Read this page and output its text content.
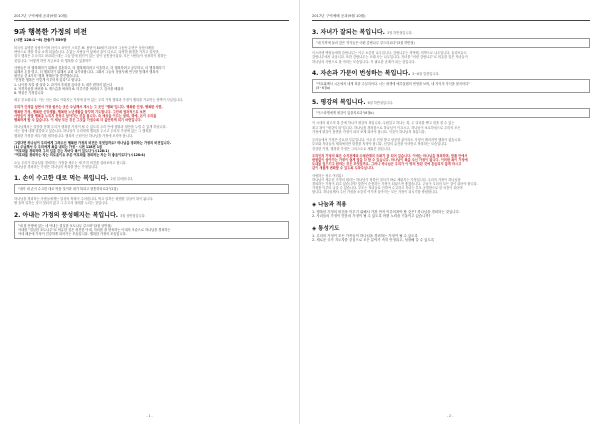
2017년 구역예배 공과(9월 10월)
9과 행복한 가정의 비전
(시편 128:1~6) 찬송가 559장

미국의 유명한 상담가이며 마이크 코인인 스티븐 M. 폴란이 80세가 되어서 그동안 수만은 상담사례를

바탕으로 책을 하나 소개 되었습니다. 수없는 사람들이 삶에서 출이 다르고, 다양한 환경을 가지고 살지만,

결국 행복은 무너지고 파괴되는데는 그들 앞에 원인이 있는 것이 공통점이었다. 모든 사람들이 성장하기 원하는

것입니다. "어떻게 하면 지금보다 더 행복할 수 있을까?"

사람들은 더 행복해지기 위해서 결혼하고, 더 행복해지려고 이혼하고, 더 행복하려고 공부하고, 더 행복해지기

위해서 돈을 벌고, 더 행복하기 위해서 교회 나가라합니다. 그래서 그들의 상담사례 연구를 통해서 행복의

원인들 중 4가지 '행복 방해꾼'을 발견했습니다.

"진정한 행복은 이렇게 이루어져 있다"고 합니다.

1. 나이를 지킬 줄 알라 2. 과거의 후회를 끊어라 3. 내가 변하지 않는다

4. 자격지심을 버려라 5. 게으름을 버려라 6. 미루기를 버려라 7. 감사를 배워라

8. 핵심은 가정입니다

매우 중요합니다. 이는 사는 대로 이뤄지는 가정에 남아 있는 우리 가정 행복과 가정이 행복을 가로막는 장벽이 사실입니다.

우리가 인생을 살면서 가장 힘쓰는 곳은 주님께서 계시는 그 곳인 "행복"입니다. 행복한 인생, 행복한 사람,

행복한 가정, 행복한 신앙생활, 행복한 노년생활을 꿈꾸며 기도합니다. 그런데 결과적으로 보면

사람들이 정말 행복을 누리지 못하고 살아가는 것을 봅니다. 즉 세상을 이끄는 권력, 명예, 돈이 우리를

행복하게 할 수 없습니다. 이 세상 모든 것은 그것을 가질수록 더 불안하게 되기 마련입니다.

하나님께서는 말씀을 통해 우리가 행복한 가정이 될 수 있도록 우리 안에 행복과 평안을 누릴 수 있게 하십니다.

사는 것에 대해 말씀하고 있습니다. 하나님이 우리에게 행복을 주시고 우리의 가정에 있는 그 행복을

행복한 가정을 세우기를 원하십니다. 행복의 근원이신 하나님을 가정에 모셔야 합니다.

그렇다면 하나님이 우리에게 그려주신 행복한 가정의 비전은 무엇일까요? 하나님을 경외하는 가정의 비전입니다.

(1) 주님께서 주 우리에게 복을 내리는 가정 - 시편 128편 1절

"여호와를 경외하며 그의 길을 걷는 자마다 복이 있도다"(시128:1)

"여호와를 경외하는 자는 의로움이요 무릇 여호와를 경외하는 자는 더 좋음이로다"(시128:4)

오늘 우리가 하나님을 경외하는 가정을 세우는 세 가지 비전을 살펴보려고 합니다.

하나님을 경외하는 가정은 하나님의 축복을 받는 가정입니다.

1. 손이 수고한 대로 먹는 복입니다. 2절 읽어봅니다.

"네가 네 손이 수고한 대로 먹을 것이라 네가 복되고 형통하리로다"(2절)

하나님을 경외하는 사람들에게는 일상의 축복이 주어집니다. 먹고 일하는 평범한 일상이 복이 됩니다.

땀 흘려 일하는 것이 헛되지 않고 그 수고의 열매를 누리는 것입니다.

2. 아내는 가정의 풍성해지는 복입니다. 3절 상반절입니다.

"네 집 안방에 있는 네 아내는 결실한 포도나무 같으며"(3절 상반절)

아내를 "결실한 포도나무"로 비유한 것은 정진한 아내, 자녀를 잘 양육하는 아내의 모습으로 하나님을 경외하는

아내 때문에 가정이 건강하게 되어가는 모습입니다. 행복한 가정의 모습입니다.

- 1 -
2017년 구역예배 공과(9월 10월)
3. 자녀가 잘되는 복입니다. 3절 하반절입니다.

"네 식탁에 둘러 앉은 자식들은 어린 감람나무 같으리로다"(3절 하반절)

이스라엘 백성들에게 감람나무는 아주 소중한 나무입니다. 감람나무는 척박해, 척박으로 나무입니다. 올리브유도

감람나무에서 나옵니다. 또한 감람나무는 오래 사는 나무입니다. 자녀를 "어린 감람나무"로 비유한 것은 자녀들이

하나님의 사람으로 잘 자라는 모습입니다. 꼭 필요한 존재가 되는 것입니다.

4. 자손과 가문이 번성하는 복입니다. 5~6절 말씀입니다.

"여호와께서 시온에서 네게 복을 주실지어다. 너는 평생에 예루살렘의 번영을 보며, 네 자식의 자식을 볼지어다"

(5~6절a)

5. 평강의 복입니다. 6절 하반절입니다.

"이스라엘에게 평강이 있을지로다"(6절b)

이 시대의 최고의 복 중에 하나가 평강의 복입니다. 우원일고 하나는 복, 두 다리를 뻗고 잠을 잘 수 있는

최고 복이 "평강의 복"입니다. 하나님을 경외함으로 하나님이 이끄시고, 하나님이 보호하심으로 우리의 모든

가정에 평강이 충만한 가정이 되어 보게 되어야 합니다. 이것이 하나님의 복입니다.

우리들에서 가정은 중요한 부분입니다. 아무리 인정 받고 성공한 삶이라도 가정이 깨어지면 행복이 없습니다.

부모와 자녀들의 세대에서만 말씀을 지켜야 합니다. 신앙의 유산을 이어받고 축복하는 모습입니다.

건강한 가정, 행복한 가정은 그리스도로 세워진 집입니다.

우리인의 가정의 복은 수직관계와 수평관계의 조화가 잘 되어 있습니다. 이에는 하나님을 경외하며, 말씀 안에서

변함없이 살아가는 가정이 쉽게 말을 다 할 수 있습니다. 하나님이 복을 주신 가정이 됩니다. 이러한 복이 가정에

토대를 일으키고 원하는 것은 무엇일까요. 그러나 하나님은 우리가 이 땅의 헛된 것에 흔들리지 않게 하시고

같이 새롭게 변화할 수 있도록 도와주십니다.

사랑하는 성도 여러분!

하나님이 세우신 가정의 원리는 하나님이 정하신 질서가 바로 세워지는 가정입니다. 우리의 가정이 하나님을

경외하는 가정이 되고 있습니까? 말씀이 순종하는 가정이 되었으면 좋겠습니다. 주님이 우리의 모든 것이 되어야 합니다.

가정을 이루어 나갈 수 있습니다. 부모는 자녀들로 인하여 수고하고 자녀는 부모 공경함으로 한 마음이 되어야

합니다. 하나님께서 주신 가정을 소중히 여기며 살아가는 모든 가정이 되시기를 축원합니다.

◈ 나눔과 적용

1. 행복한 가정의 비전을 이루기 위해서 가장 먼저 이루어져야 할 것은? 하나님을 경외하는 것입니다.

2. 자녀들의 가정이 믿음의 가정이 될 수 있도록 어떤 노력을 기울이고 있습니까?

◈ 통성기도

1. 우리의 가정이 모든 가족들이 하나님을 경외하는 가정이 될 수 있도록

2. 새로운 국가 지도자를 중심으로 모든 분야가 속히 안정되고, 성장해 갈 수 있도록

- 2 -
